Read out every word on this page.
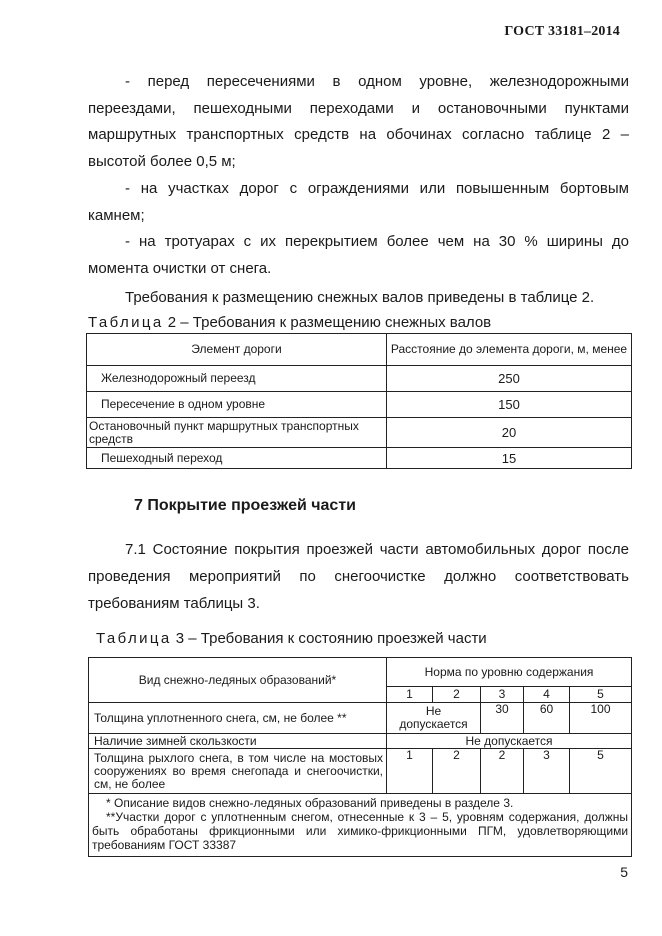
ГОСТ 33181–2014

- перед пересечениями в одном уровне, железнодорожными переездами, пешеходными переходами и остановочными пунктами маршрутных транспортных средств на обочинах согласно таблице 2 – высотой более 0,5 м;

- на участках дорог с ограждениями или повышенным бортовым камнем;

- на тротуарах с их перекрытием более чем на 30 % ширины до момента очистки от снега.

Требования к размещению снежных валов приведены в таблице 2.

Таблица 2 – Требования к размещению снежных валов

Элемент дороги	Расстояние до элемента дороги, м, менее
Железнодорожный переезд	250
Пересечение в одном уровне	150
Остановочный пункт маршрутных транспортных средств	20
Пешеходный переход	15
7 Покрытие проезжей части

7.1 Состояние покрытия проезжей части автомобильных дорог после проведения мероприятий по снегоочистке должно соответствовать требованиям таблицы 3.

Таблица 3 – Требования к состоянию проезжей части

Вид снежно-ледяных образований*	Норма по уровню содержания				
	1	2	3	4	5
Толщина уплотненного снега, см, не более **	Не допускается		30	60	100
Наличие зимней скользкости	Не допускается				
Толщина рыхлого снега, в том числе на мостовых сооружениях во время снегопада и снегоочистки, см, не более	1	2	2	3	5

* Описание видов снежно-ледяных образований приведены в разделе 3.
**Участки дорог с уплотненным снегом, отнесенные к 3 – 5, уровням содержания, должны быть обработаны фрикционными или химико-фрикционными ПГМ, удовлетворяющими требованиям ГОСТ 33387					
5
